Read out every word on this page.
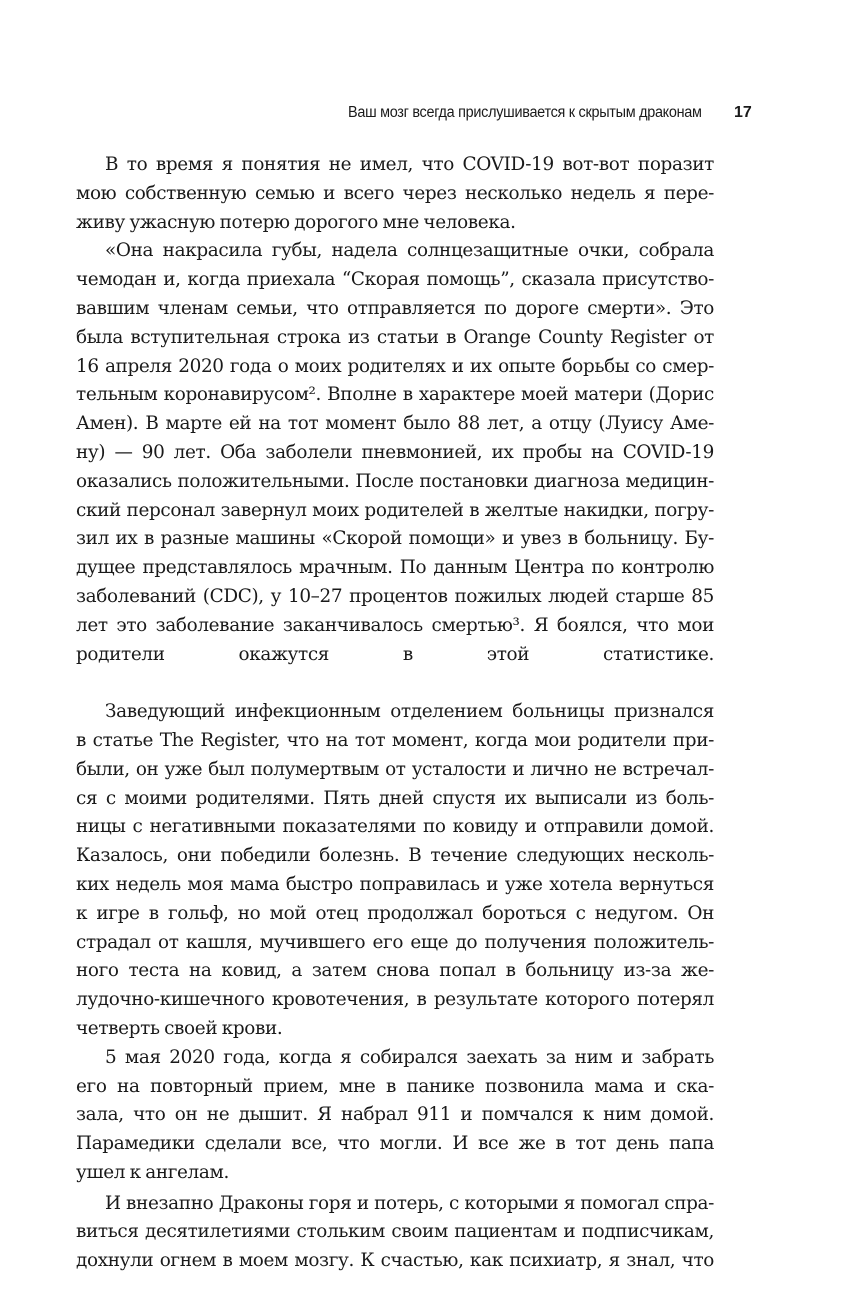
Ваш мозг всегда прислушивается к скрытым драконам 17
В то время я понятия не имел, что COVID-19 вот-вот поразит
мою собственную семью и всего через несколько недель я пере-
живу ужасную потерю дорогого мне человека.
«Она накрасила губы, надела солнцезащитные очки, собрала
чемодан и, когда приехала “Скорая помощь”, сказала присутство-
вавшим членам семьи, что отправляется по дороге смерти». Это
была вступительная строка из статьи в Orange County Register от
16 апреля 2020 года о моих родителях и их опыте борьбы со смер-
тельным коронавирусом². Вполне в характере моей матери (Дорис
Амен). В марте ей на тот момент было 88 лет, а отцу (Луису Аме-
ну) — 90 лет. Оба заболели пневмонией, их пробы на COVID-19
оказались положительными. После постановки диагноза медицин-
ский персонал завернул моих родителей в желтые накидки, погру-
зил их в разные машины «Скорой помощи» и увез в больницу. Бу-
дущее представлялось мрачным. По данным Центра по контролю
заболеваний (CDC), у 10–27 процентов пожилых людей старше 85
лет это заболевание заканчивалось смертью³. Я боялся, что мои
родители окажутся в этой статистике.
Заведующий инфекционным отделением больницы признался
в статье The Register, что на тот момент, когда мои родители при-
были, он уже был полумертвым от усталости и лично не встречал-
ся с моими родителями. Пять дней спустя их выписали из боль-
ницы с негативными показателями по ковиду и отправили домой.
Казалось, они победили болезнь. В течение следующих несколь-
ких недель моя мама быстро поправилась и уже хотела вернуться
к игре в гольф, но мой отец продолжал бороться с недугом. Он
страдал от кашля, мучившего его еще до получения положитель-
ного теста на ковид, а затем снова попал в больницу из-за же-
лудочно-кишечного кровотечения, в результате которого потерял
четверть своей крови.
5 мая 2020 года, когда я собирался заехать за ним и забрать
его на повторный прием, мне в панике позвонила мама и ска-
зала, что он не дышит. Я набрал 911 и помчался к ним домой.
Парамедики сделали все, что могли. И все же в тот день папа
ушел к ангелам.
И внезапно Драконы горя и потерь, с которыми я помогал спра-
виться десятилетиями стольким своим пациентам и подписчикам,
дохнули огнем в моем мозгу. К счастью, как психиатр, я знал, что
